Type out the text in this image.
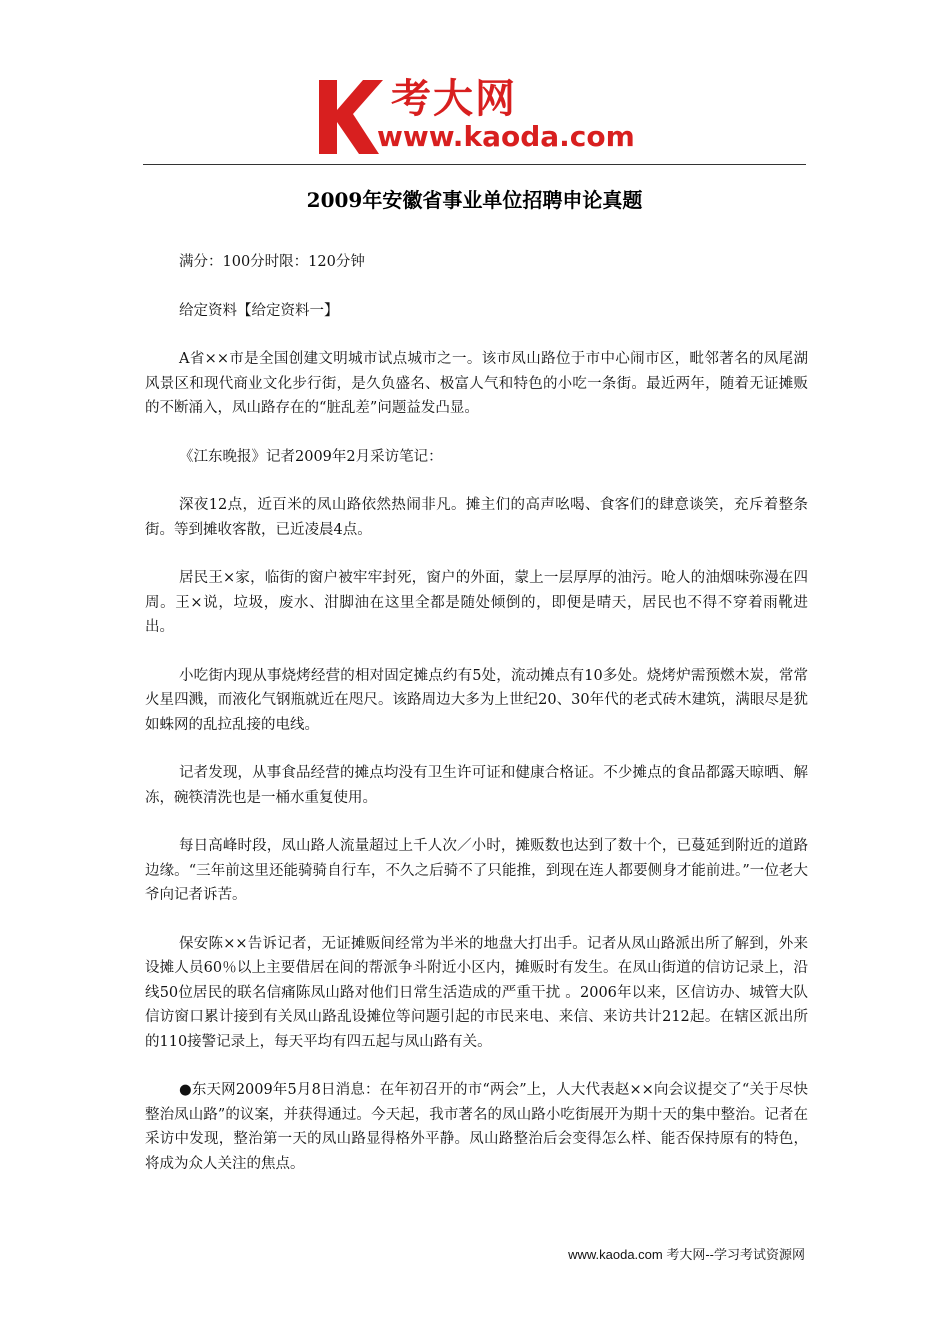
考大网
www.kaoda.com
2009年安徽省事业单位招聘申论真题

满分：100分时限：120分钟

给定资料【给定资料一】

A省××市是全国创建文明城市试点城市之一。该市凤山路位于市中心闹市区，毗邻著名的凤尾湖风景区和现代商业文化步行街，是久负盛名、极富人气和特色的小吃一条街。最近两年，随着无证摊贩的不断涌入，凤山路存在的“脏乱差”问题益发凸显。

《江东晚报》记者2009年2月采访笔记：

深夜12点，近百米的凤山路依然热闹非凡。摊主们的高声吆喝、食客们的肆意谈笑，充斥着整条街。等到摊收客散，已近凌晨4点。

居民王×家，临街的窗户被牢牢封死，窗户的外面，蒙上一层厚厚的油污。呛人的油烟味弥漫在四周。王×说，垃圾，废水、泔脚油在这里全都是随处倾倒的，即便是晴天，居民也不得不穿着雨靴进出。

小吃街内现从事烧烤经营的相对固定摊点约有5处，流动摊点有10多处。烧烤炉需预燃木炭，常常火星四溅，而液化气钢瓶就近在咫尺。该路周边大多为上世纪20、30年代的老式砖木建筑，满眼尽是犹如蛛网的乱拉乱接的电线。

记者发现，从事食品经营的摊点均没有卫生许可证和健康合格证。不少摊点的食品都露天晾晒、解冻，碗筷清洗也是一桶水重复使用。

每日高峰时段，凤山路人流量超过上千人次／小时，摊贩数也达到了数十个，已蔓延到附近的道路边缘。“三年前这里还能骑骑自行车，不久之后骑不了只能推，到现在连人都要侧身才能前进。”一位老大爷向记者诉苦。

保安陈××告诉记者，无证摊贩间经常为半米的地盘大打出手。记者从凤山路派出所了解到，外来设摊人员60％以上主要借居在间的帮派争斗附近小区内，摊贩时有发生。在凤山街道的信访记录上，沿线50位居民的联名信痛陈凤山路对他们日常生活造成的严重干扰 。2006年以来，区信访办、城管大队信访窗口累计接到有关凤山路乱设摊位等问题引起的市民来电、来信、来访共计212起。在辖区派出所的110接警记录上，每天平均有四五起与凤山路有关。

●东天网2009年5月8日消息：在年初召开的市“两会”上，人大代表赵××向会议提交了“关于尽快整治凤山路”的议案，并获得通过。今天起，我市著名的凤山路小吃街展开为期十天的集中整治。记者在采访中发现，整治第一天的凤山路显得格外平静。凤山路整治后会变得怎么样、能否保持原有的特色，将成为众人关注的焦点。

www.kaoda.com 考大网--学习考试资源网
